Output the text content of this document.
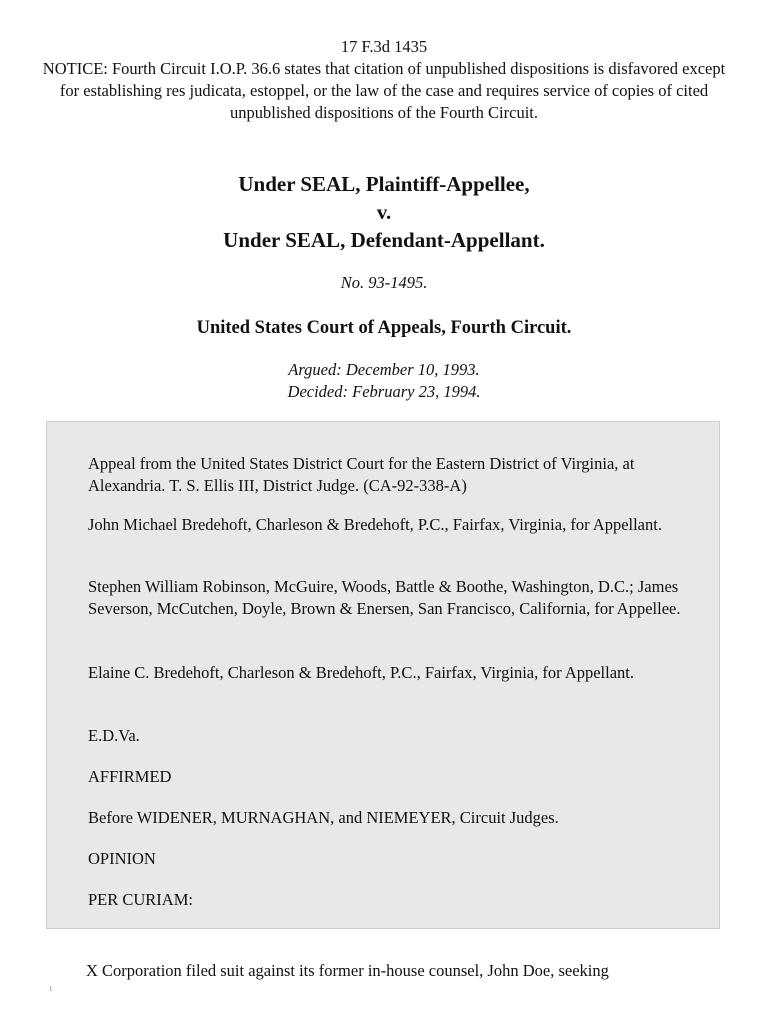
17 F.3d 1435
NOTICE: Fourth Circuit I.O.P. 36.6 states that citation of unpublished dispositions is disfavored except for establishing res judicata, estoppel, or the law of the case and requires service of copies of cited unpublished dispositions of the Fourth Circuit.
Under SEAL, Plaintiff-Appellee,
v.
Under SEAL, Defendant-Appellant.
No. 93-1495.
United States Court of Appeals, Fourth Circuit.
Argued: December 10, 1993.
Decided: February 23, 1994.

Appeal from the United States District Court for the Eastern District of Virginia, at Alexandria. T. S. Ellis III, District Judge. (CA-92-338-A)

John Michael Bredehoft, Charleson & Bredehoft, P.C., Fairfax, Virginia, for Appellant.

Stephen William Robinson, McGuire, Woods, Battle & Boothe, Washington, D.C.; James Severson, McCutchen, Doyle, Brown & Enersen, San Francisco, California, for Appellee.

Elaine C. Bredehoft, Charleson & Bredehoft, P.C., Fairfax, Virginia, for Appellant.

E.D.Va.

AFFIRMED

Before WIDENER, MURNAGHAN, and NIEMEYER, Circuit Judges.

OPINION

PER CURIAM:

X Corporation filed suit against its former in-house counsel, John Doe, seeking
1
